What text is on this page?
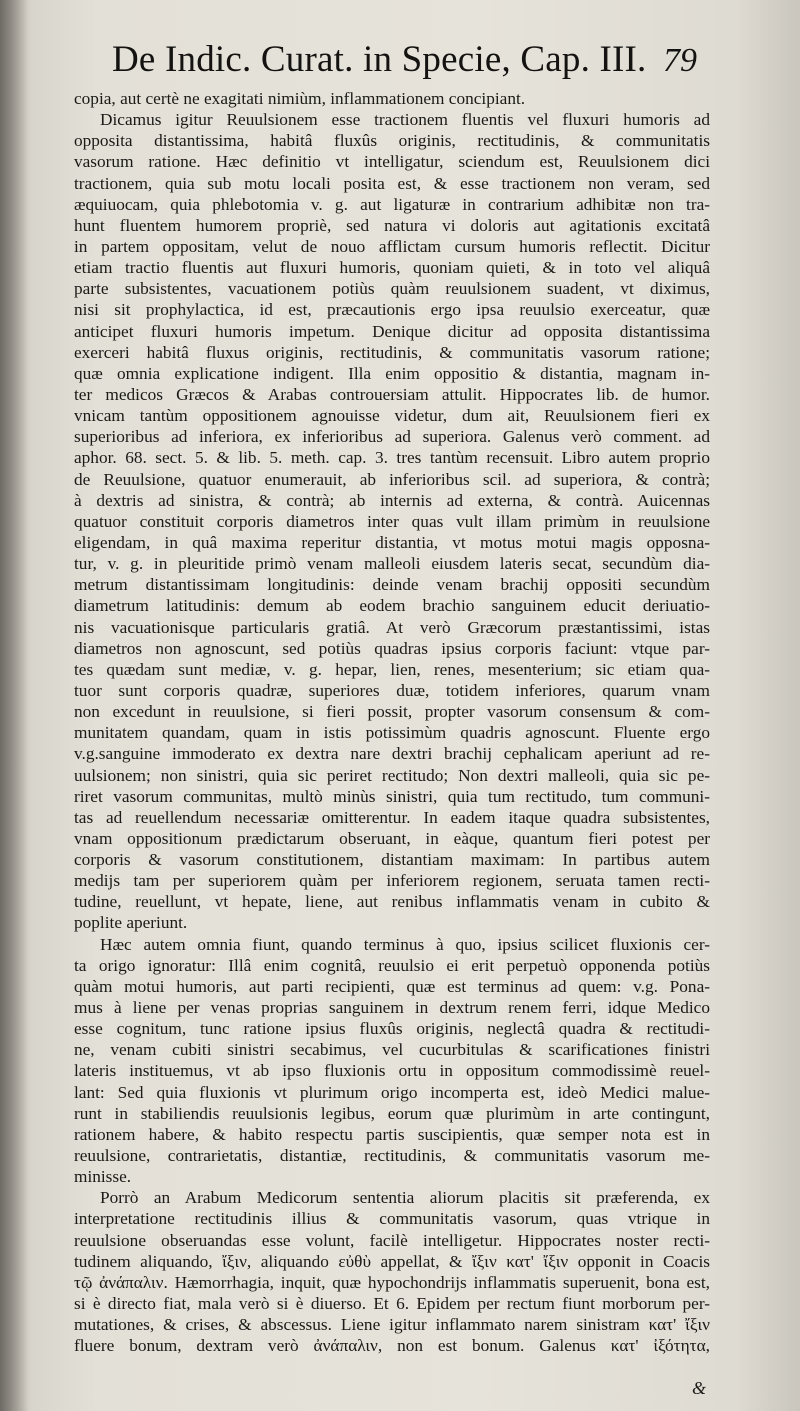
De Indic. Curat. in Specie, Cap. III. 79
copia, aut certè ne exagitati nimiùm, inflammationem concipiant.
Dicamus igitur Reuulsionem esse tractionem fluentis vel fluxuri humoris ad
opposita distantissima, habitâ fluxûs originis, rectitudinis, & communitatis
vasorum ratione. Hæc definitio vt intelligatur, sciendum est, Reuulsionem dici
tractionem, quia sub motu locali posita est, & esse tractionem non veram, sed
æquiuocam, quia phlebotomia v. g. aut ligaturæ in contrarium adhibitæ non tra-
hunt fluentem humorem propriè, sed natura vi doloris aut agitationis excitatâ
in partem oppositam, velut de nouo afflictam cursum humoris reflectit. Dicitur
etiam tractio fluentis aut fluxuri humoris, quoniam quieti, & in toto vel aliquâ
parte subsistentes, vacuationem potiùs quàm reuulsionem suadent, vt diximus,
nisi sit prophylactica, id est, præcautionis ergo ipsa reuulsio exerceatur, quæ
anticipet fluxuri humoris impetum. Denique dicitur ad opposita distantissima
exerceri habitâ fluxus originis, rectitudinis, & communitatis vasorum ratione;
quæ omnia explicatione indigent. Illa enim oppositio & distantia, magnam in-
ter medicos Græcos & Arabas controuersiam attulit. Hippocrates lib. de humor.
vnicam tantùm oppositionem agnouisse videtur, dum ait, Reuulsionem fieri ex
superioribus ad inferiora, ex inferioribus ad superiora. Galenus verò comment. ad
aphor. 68. sect. 5. & lib. 5. meth. cap. 3. tres tantùm recensuit. Libro autem proprio
de Reuulsione, quatuor enumerauit, ab inferioribus scil. ad superiora, & contrà;
à dextris ad sinistra, & contrà; ab internis ad externa, & contrà. Auicennas
quatuor constituit corporis diametros inter quas vult illam primùm in reuulsione
eligendam, in quâ maxima reperitur distantia, vt motus motui magis opposna-
tur, v. g. in pleuritide primò venam malleoli eiusdem lateris secat, secundùm dia-
metrum distantissimam longitudinis: deinde venam brachij oppositi secundùm
diametrum latitudinis: demum ab eodem brachio sanguinem educit deriuatio-
nis vacuationisque particularis gratiâ. At verò Græcorum præstantissimi, istas
diametros non agnoscunt, sed potiùs quadras ipsius corporis faciunt: vtque par-
tes quædam sunt mediæ, v. g. hepar, lien, renes, mesenterium; sic etiam qua-
tuor sunt corporis quadræ, superiores duæ, totidem inferiores, quarum vnam
non excedunt in reuulsione, si fieri possit, propter vasorum consensum & com-
munitatem quandam, quam in istis potissimùm quadris agnoscunt. Fluente ergo
v.g.sanguine immoderato ex dextra nare dextri brachij cephalicam aperiunt ad re-
uulsionem; non sinistri, quia sic periret rectitudo; Non dextri malleoli, quia sic pe-
riret vasorum communitas, multò minùs sinistri, quia tum rectitudo, tum communi-
tas ad reuellendum necessariæ omitterentur. In eadem itaque quadra subsistentes,
vnam oppositionum prædictarum obseruant, in eàque, quantum fieri potest per
corporis & vasorum constitutionem, distantiam maximam: In partibus autem
medijs tam per superiorem quàm per inferiorem regionem, seruata tamen recti-
tudine, reuellunt, vt hepate, liene, aut renibus inflammatis venam in cubito &
poplite aperiunt.
Hæc autem omnia fiunt, quando terminus à quo, ipsius scilicet fluxionis cer-
ta origo ignoratur: Illâ enim cognitâ, reuulsio ei erit perpetuò opponenda potiùs
quàm motui humoris, aut parti recipienti, quæ est terminus ad quem: v.g. Pona-
mus à liene per venas proprias sanguinem in dextrum renem ferri, idque Medico
esse cognitum, tunc ratione ipsius fluxûs originis, neglectâ quadra & rectitudi-
ne, venam cubiti sinistri secabimus, vel cucurbitulas & scarificationes finistri
lateris instituemus, vt ab ipso fluxionis ortu in oppositum commodissimè reuel-
lant: Sed quia fluxionis vt plurimum origo incomperta est, ideò Medici malue-
runt in stabiliendis reuulsionis legibus, eorum quæ plurimùm in arte contingunt,
rationem habere, & habito respectu partis suscipientis, quæ semper nota est in
reuulsione, contrarietatis, distantiæ, rectitudinis, & communitatis vasorum me-
minisse.
Porrò an Arabum Medicorum sententia aliorum placitis sit præferenda, ex
interpretatione rectitudinis illius & communitatis vasorum, quas vtrique in
reuulsione obseruandas esse volunt, facilè intelligetur. Hippocrates noster recti-
tudinem aliquando, ἴξιν, aliquando εὐθὺ appellat, & ἴξιν κατ' ἴξιν opponit in Coacis
τῷ ἀνάπαλιν. Hæmorrhagia, inquit, quæ hypochondrijs inflammatis superuenit, bona est,
si è directo fiat, mala verò si è diuerso. Et 6. Epidem per rectum fiunt morborum per-
mutationes, & crises, & abscessus. Liene igitur inflammato narem sinistram κατ' ἴξιν
fluere bonum, dextram verò ἀνάπαλιν, non est bonum. Galenus κατ' ἰξότητα,
&
